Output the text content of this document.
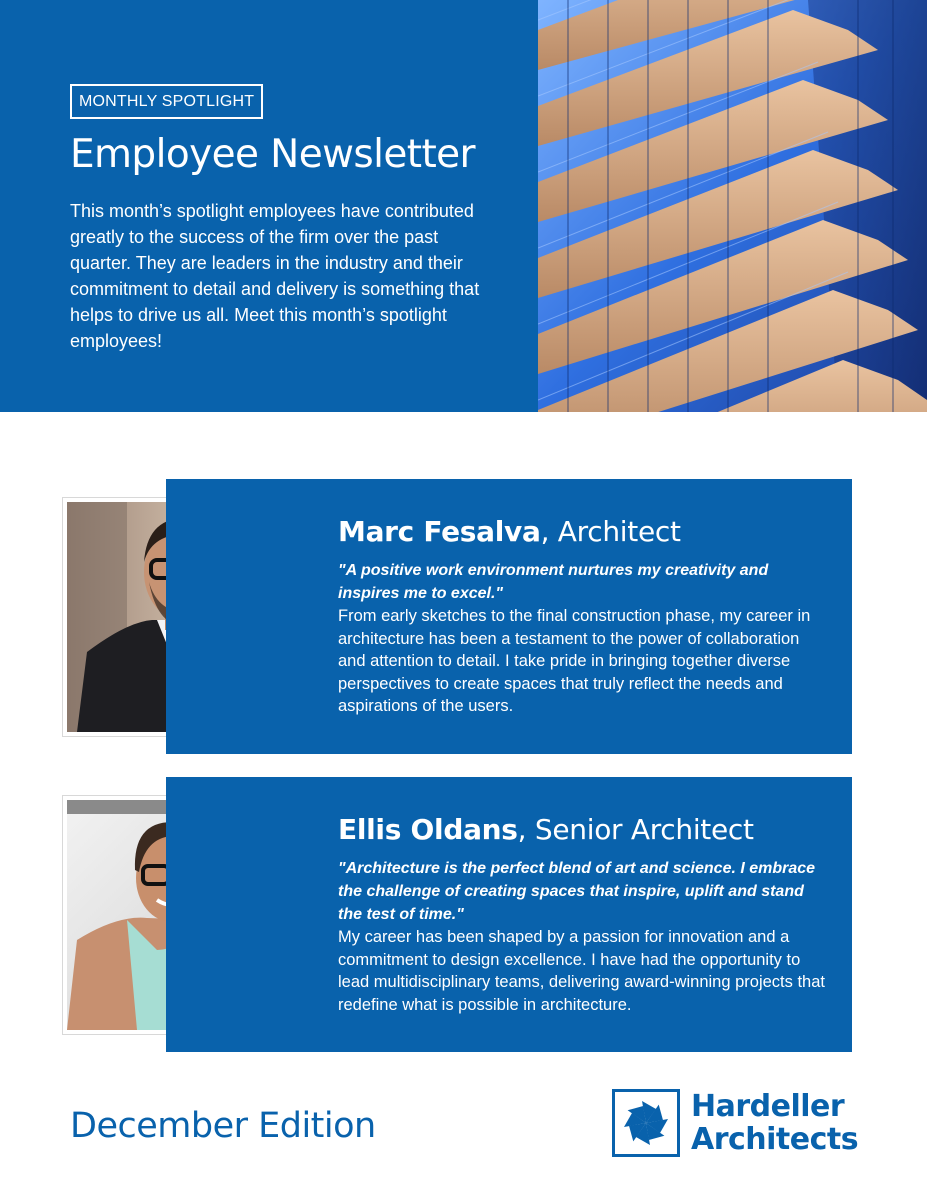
MONTHLY SPOTLIGHT
Employee Newsletter

This month’s spotlight employees have contributed greatly to the success of the firm over the past quarter. They are leaders in the industry and their commitment to detail and delivery is something that helps to drive us all. Meet this month’s spotlight employees!

Marc Fesalva, Architect

"A positive work environment nurtures my creativity and inspires me to excel."

From early sketches to the final construction phase, my career in architecture has been a testament to the power of collaboration and attention to detail. I take pride in bringing together diverse perspectives to create spaces that truly reflect the needs and aspirations of the users.

Ellis Oldans, Senior Architect

"Architecture is the perfect blend of art and science. I embrace the challenge of creating spaces that inspire, uplift and stand the test of time."

My career has been shaped by a passion for innovation and a commitment to design excellence. I have had the opportunity to lead multidisciplinary teams, delivering award-winning projects that redefine what is possible in architecture.

December Edition	Hardeller
Architects
